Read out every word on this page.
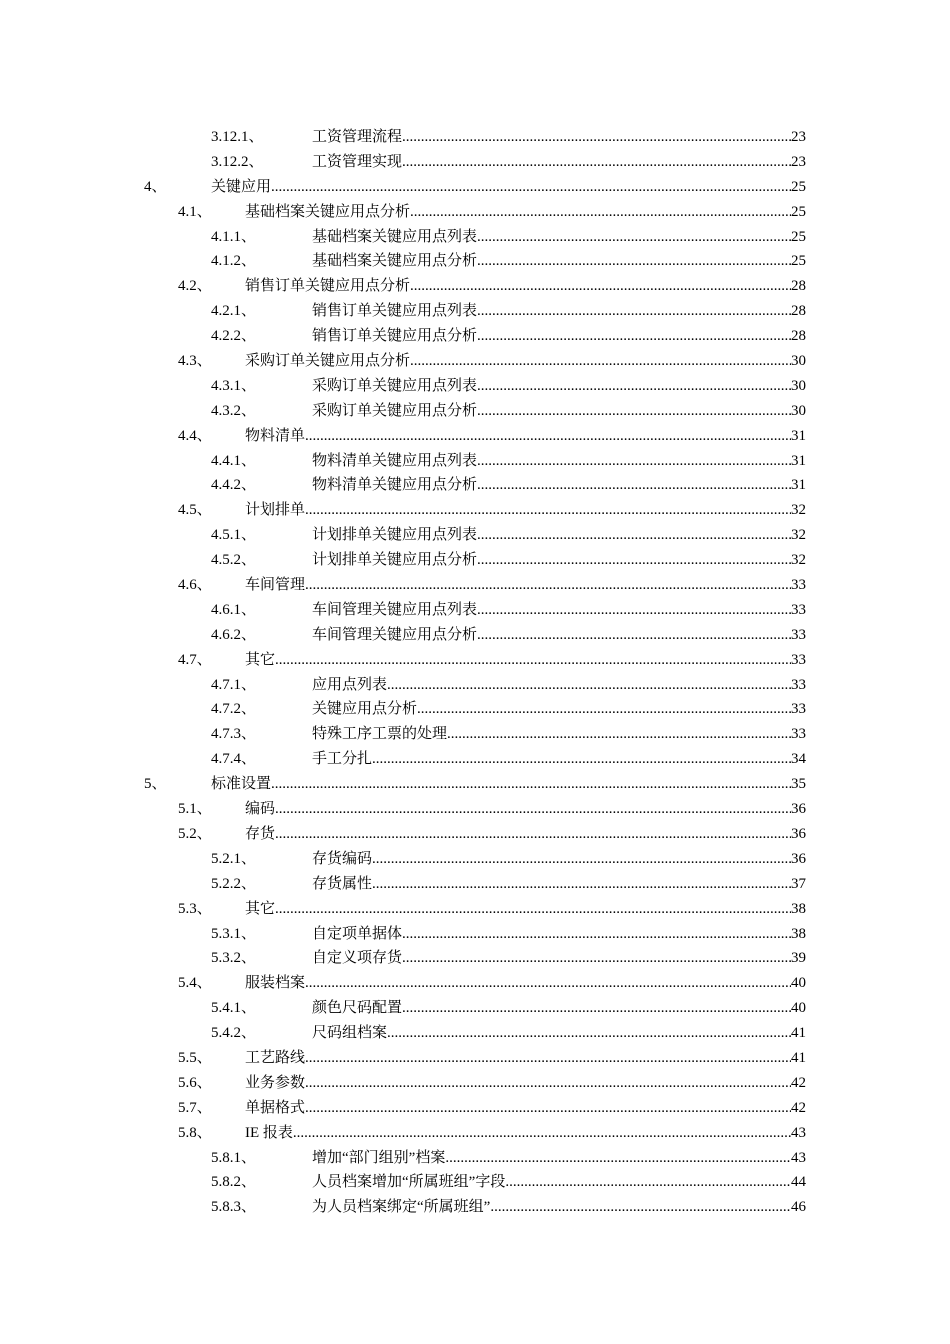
3.12.1、	工资管理流程 .....	23
3.12.2、	工资管理实现 .....	23
4、	关键应用 .....	25
4.1、 基础档案关键应用点分析 .....	25
4.1.1、	基础档案关键应用点列表 .....	25
4.1.2、	基础档案关键应用点分析 .....	25
4.2、 销售订单关键应用点分析 .....	28
4.2.1、	销售订单关键应用点列表 .....	28
4.2.2、	销售订单关键应用点分析 .....	28
4.3、 采购订单关键应用点分析 .....	30
4.3.1、	采购订单关键应用点列表 .....	30
4.3.2、	采购订单关键应用点分析 .....	30
4.4、 物料清单 .....	31
4.4.1、	物料清单关键应用点列表 .....	31
4.4.2、	物料清单关键应用点分析 .....	31
4.5、 计划排单 .....	32
4.5.1、	计划排单关键应用点列表 .....	32
4.5.2、	计划排单关键应用点分析 .....	32
4.6、 车间管理 .....	33
4.6.1、	车间管理关键应用点列表 .....	33
4.6.2、	车间管理关键应用点分析 .....	33
4.7、 其它 .....	33
4.7.1、	应用点列表 .....	33
4.7.2、	关键应用点分析 .....	33
4.7.3、	特殊工序工票的处理 .....	33
4.7.4、	手工分扎 .....	34
5、	标准设置 .....	35
5.1、 编码 .....	36
5.2、 存货 .....	36
5.2.1、	存货编码 .....	36
5.2.2、	存货属性 .....	37
5.3、 其它 .....	38
5.3.1、	自定项单据体 .....	38
5.3.2、	自定义项存货 .....	39
5.4、 服装档案 .....	40
5.4.1、	颜色尺码配置 .....	40
5.4.2、	尺码组档案 .....	41
5.5、 工艺路线 .....	41
5.6、 业务参数 .....	42
5.7、 单据格式 .....	42
5.8、 IE 报表 .....	43
5.8.1、	增加“部门组别”档案 .....	43
5.8.2、	人员档案增加“所属班组”字段 .....	44
5.8.3、	为人员档案绑定“所属班组” .....	46
